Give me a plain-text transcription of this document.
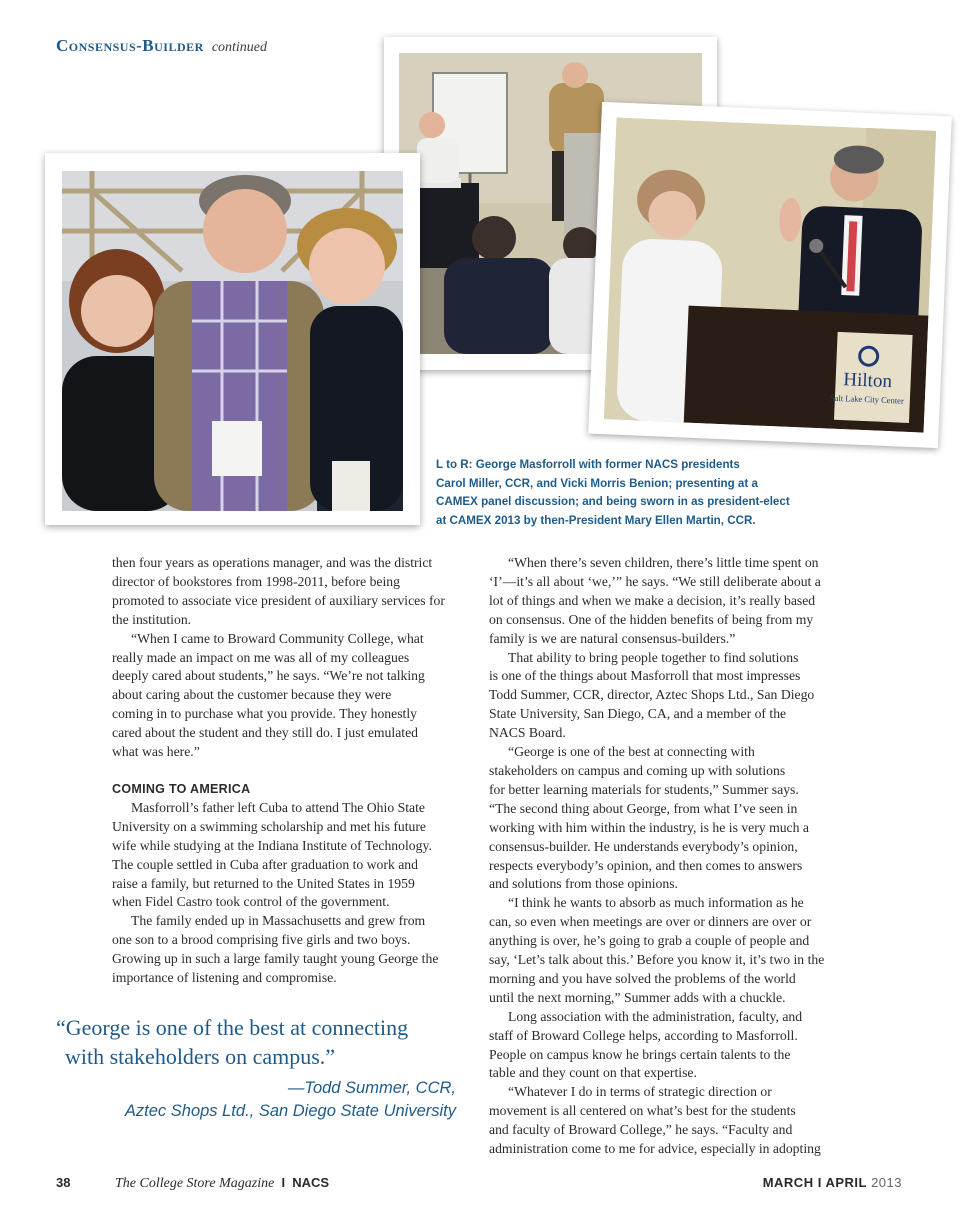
Consensus-Builder continued
Hilton
Salt Lake City Center

L to R: George Masforroll with former NACS presidents

Carol Miller, CCR, and Vicki Morris Benion; presenting at a

CAMEX panel discussion; and being sworn in as president-elect

at CAMEX 2013 by then-President Mary Ellen Martin, CCR.

then four years as operations manager, and was the district

director of bookstores from 1998-2011, before being

promoted to associate vice president of auxiliary services for

the institution.

“When I came to Broward Community College, what

really made an impact on me was all of my colleagues

deeply cared about students,” he says. “We’re not talking

about caring about the customer because they were

coming in to purchase what you provide. They honestly

cared about the student and they still do. I just emulated

what was here.”

COMING TO AMERICA

Masforroll’s father left Cuba to attend The Ohio State

University on a swimming scholarship and met his future

wife while studying at the Indiana Institute of Technology.

The couple settled in Cuba after graduation to work and

raise a family, but returned to the United States in 1959

when Fidel Castro took control of the government.

The family ended up in Massachusetts and grew from

one son to a brood comprising five girls and two boys.

Growing up in such a large family taught young George the

importance of listening and compromise.

“George is one of the best at connecting

with stakeholders on campus.”

—Todd Summer, CCR,

Aztec Shops Ltd., San Diego State University

“When there’s seven children, there’s little time spent on

‘I’—it’s all about ‘we,’” he says. “We still deliberate about a

lot of things and when we make a decision, it’s really based

on consensus. One of the hidden benefits of being from my

family is we are natural consensus-builders.”

That ability to bring people together to find solutions

is one of the things about Masforroll that most impresses

Todd Summer, CCR, director, Aztec Shops Ltd., San Diego

State University, San Diego, CA, and a member of the

NACS Board.

“George is one of the best at connecting with

stakeholders on campus and coming up with solutions

for better learning materials for students,” Summer says.

“The second thing about George, from what I’ve seen in

working with him within the industry, is he is very much a

consensus-builder. He understands everybody’s opinion,

respects everybody’s opinion, and then comes to answers

and solutions from those opinions.

“I think he wants to absorb as much information as he

can, so even when meetings are over or dinners are over or

anything is over, he’s going to grab a couple of people and

say, ‘Let’s talk about this.’ Before you know it, it’s two in the

morning and you have solved the problems of the world

until the next morning,” Summer adds with a chuckle.

Long association with the administration, faculty, and

staff of Broward College helps, according to Masforroll.

People on campus know he brings certain talents to the

table and they count on that expertise.

“Whatever I do in terms of strategic direction or

movement is all centered on what’s best for the students

and faculty of Broward College,” he says. “Faculty and

administration come to me for advice, especially in adopting

38	The College Store Magazine I NACS	MARCH I APRIL 2013
